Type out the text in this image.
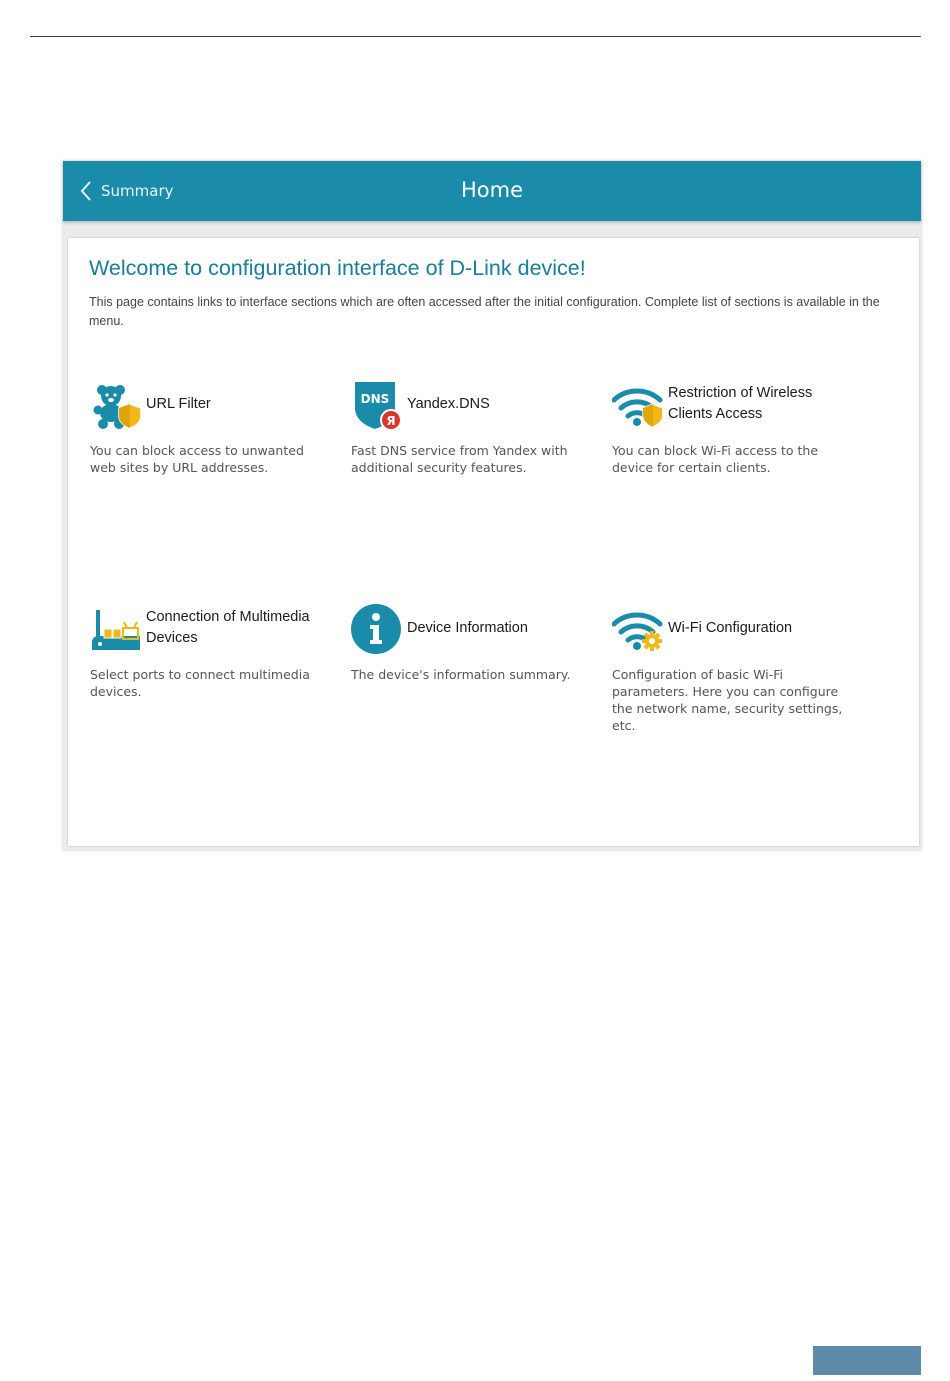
Summary	Home
Welcome to configuration interface of D-Link device!
This page contains links to interface sections which are often accessed after the initial configuration. Complete list of sections is available in the menu.
URL Filter
You can block access to unwanted web sites by URL addresses.
DNS
Я
Yandex.DNS
Fast DNS service from Yandex with additional security features.
Restriction of Wireless Clients Access
You can block Wi-Fi access to the device for certain clients.
Connection of Multimedia Devices
Select ports to connect multimedia devices.
Device Information
The device's information summary.
Wi-Fi Configuration
Configuration of basic Wi-Fi parameters. Here you can configure the network name, security settings, etc.
